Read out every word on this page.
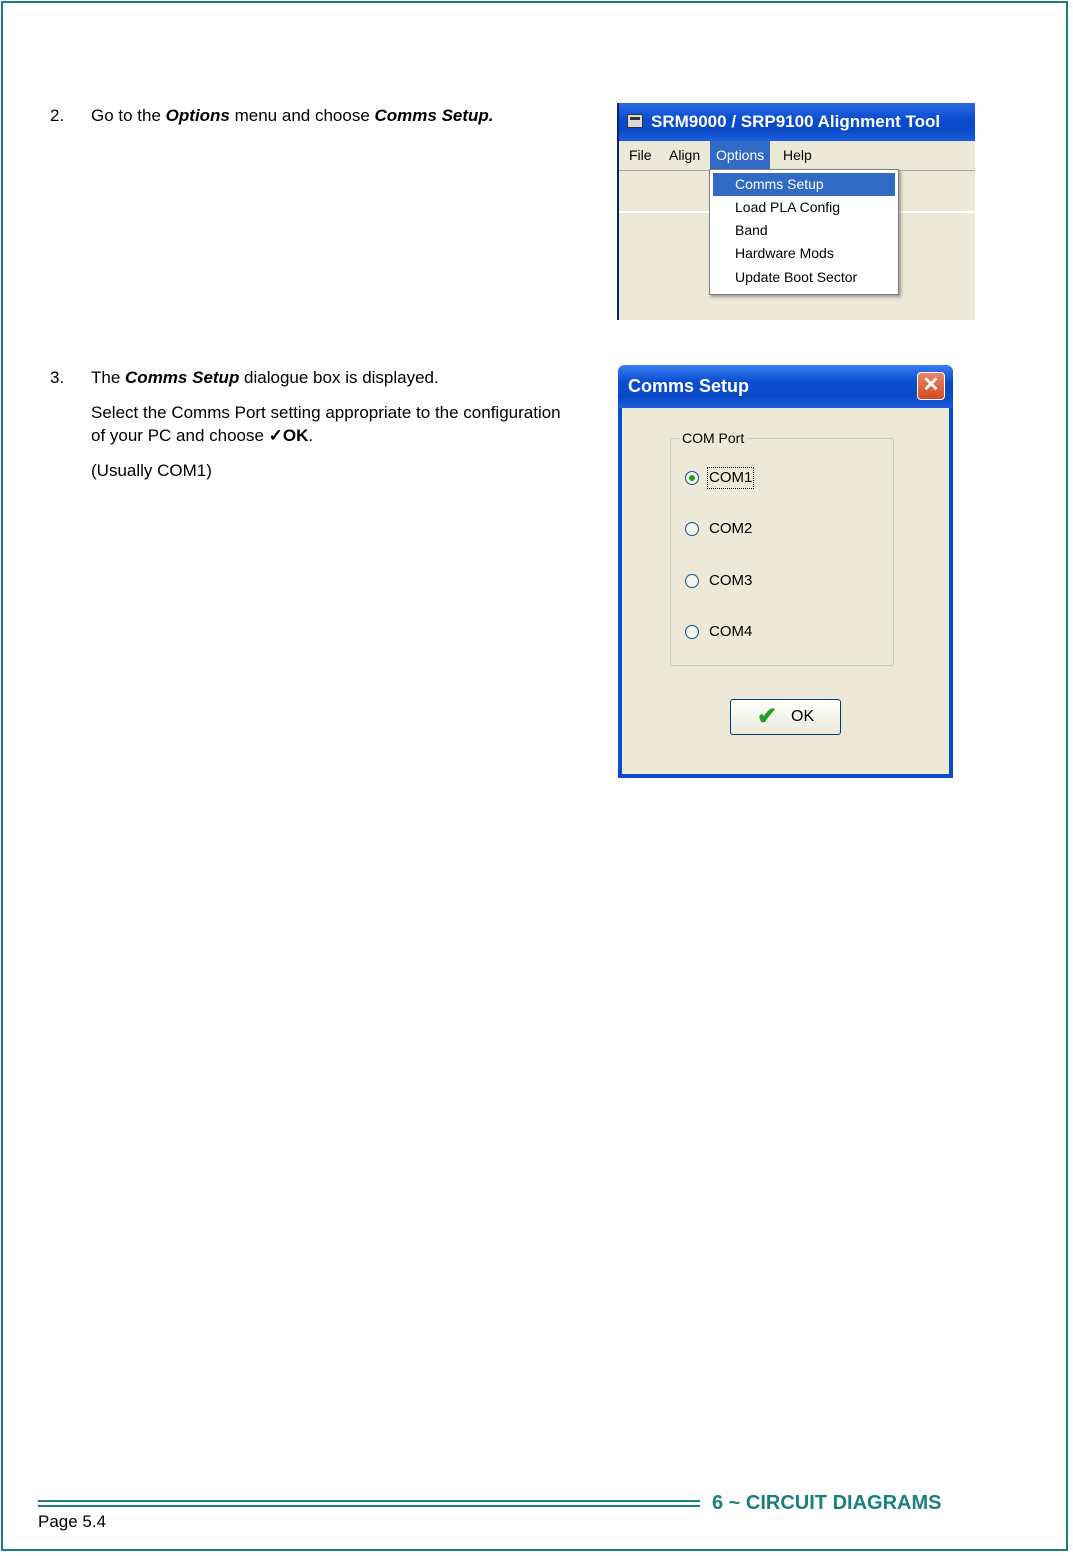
2.	Go to the Options menu and choose Comms Setup.	SRM9000 / SRP9100 Alignment Tool
File	Align	Options	Help
Comms Setup
Load PLA Config
Band
Hardware Mods
Update Boot Sector
3.	The Comms Setup dialogue box is displayed.

Select the Comms Port setting appropriate to the configuration of your PC and choose ✓OK.

(Usually COM1)

Comms Setup	✕
COM Port
COM1
COM2
COM3
COM4
✔ OK
6 ~ CIRCUIT DIAGRAMS
Page 5.4
